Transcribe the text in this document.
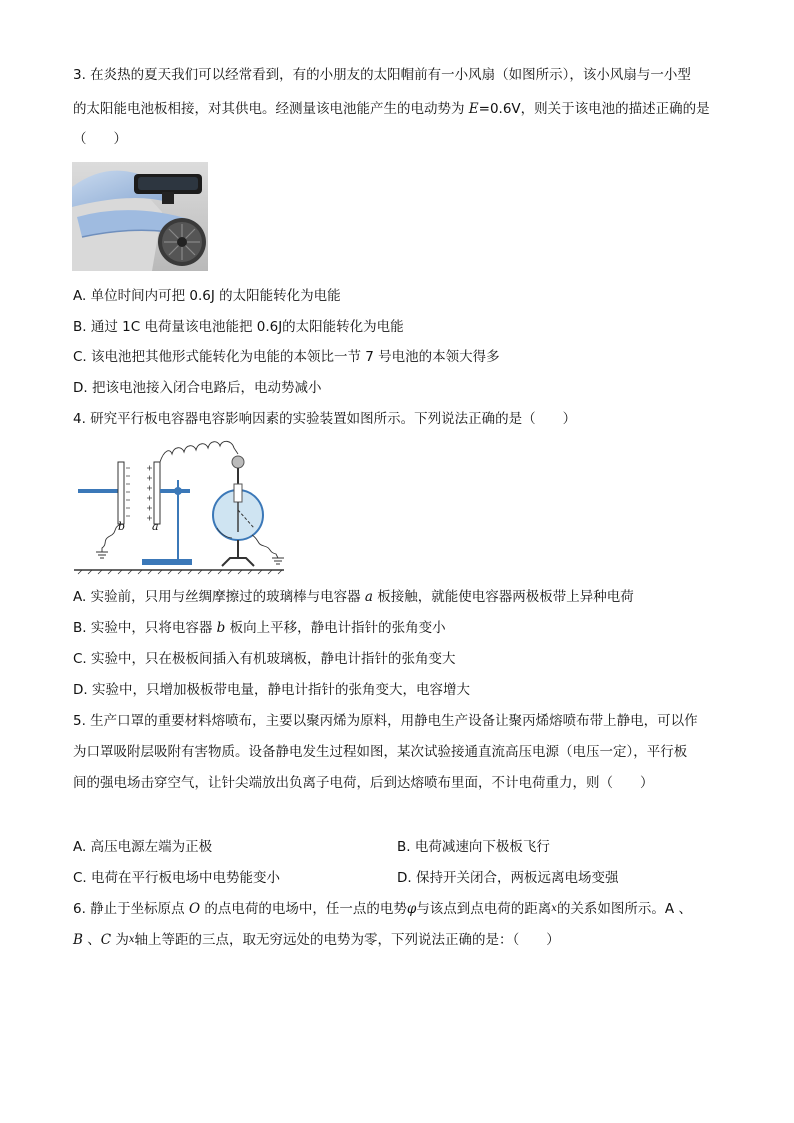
3. 在炎热的夏天我们可以经常看到，有的小朋友的太阳帽前有一小风扇（如图所示），该小风扇与一小型
的太阳能电池板相接，对其供电。经测量该电池能产生的电动势为 E=0.6V，则关于该电池的描述正确的是
（　　）
A. 单位时间内可把 0.6J 的太阳能转化为电能
B. 通过 1C 电荷量该电池能把 0.6J的太阳能转化为电能
C. 该电池把其他形式能转化为电能的本领比一节 7 号电池的本领大得多
D. 把该电池接入闭合电路后，电动势减小
4. 研究平行板电容器电容影响因素的实验装置如图所示。下列说法正确的是（　　）
b a
A. 实验前，只用与丝绸摩擦过的玻璃棒与电容器 a 板接触，就能使电容器两极板带上异种电荷
B. 实验中，只将电容器 b 板向上平移，静电计指针的张角变小
C. 实验中，只在极板间插入有机玻璃板，静电计指针的张角变大
D. 实验中，只增加极板带电量，静电计指针的张角变大，电容增大
5. 生产口罩的重要材料熔喷布，主要以聚丙烯为原料，用静电生产设备让聚丙烯熔喷布带上静电，可以作
为口罩吸附层吸附有害物质。设备静电发生过程如图，某次试验接通直流高压电源（电压一定），平行板
间的强电场击穿空气，让针尖端放出负离子电荷，后到达熔喷布里面，不计电荷重力，则（　　）
A. 高压电源左端为正极	B. 电荷减速向下极板飞行
C. 电荷在平行板电场中电势能变小	D. 保持开关闭合，两板远离电场变强
6. 静止于坐标原点 O 的点电荷的电场中，任一点的电势φ与该点到点电荷的距离$^x$的关系如图所示。A 、
B 、C 为$^x$轴上等距的三点，取无穷远处的电势为零，下列说法正确的是：（　　）
